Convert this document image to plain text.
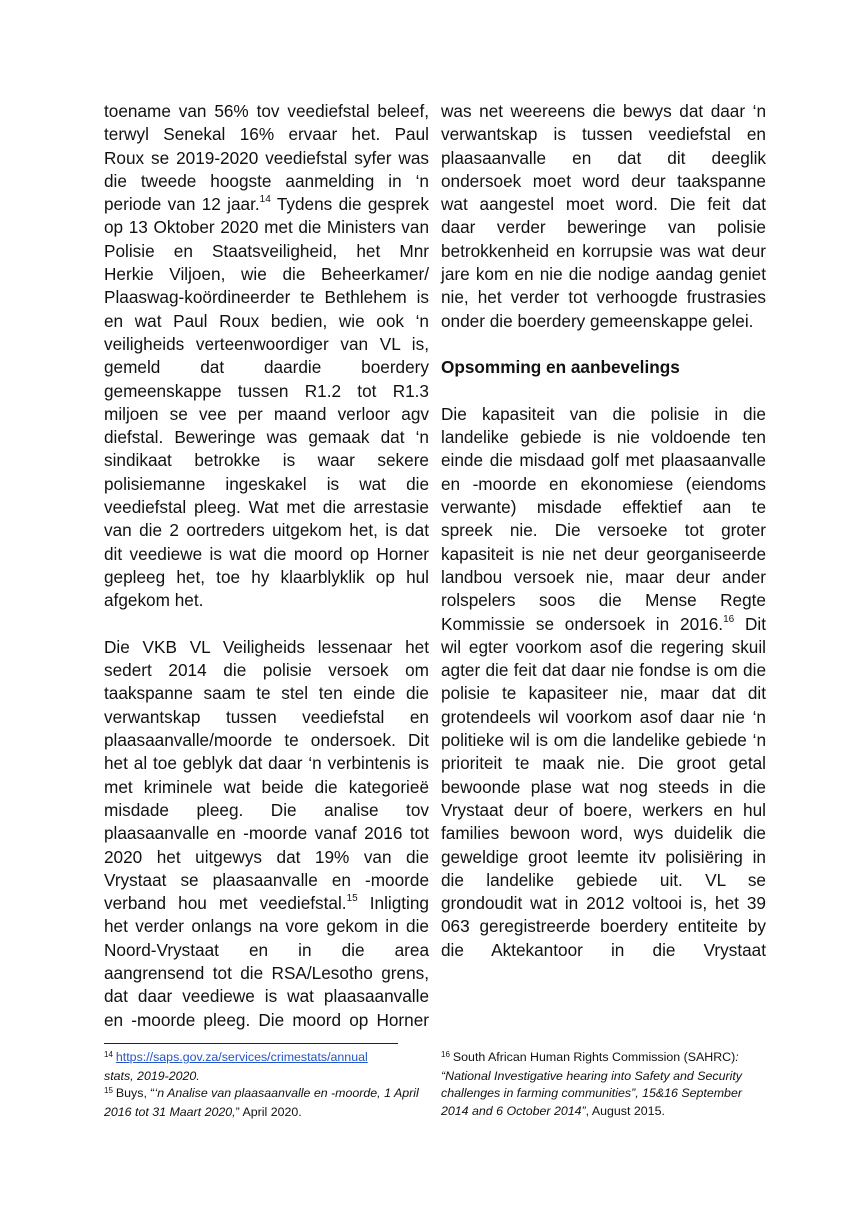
toename van 56% tov veediefstal beleef,
terwyl Senekal 16% ervaar het. Paul
Roux se 2019-2020 veediefstal syfer was
die tweede hoogste aanmelding in ‘n
periode van 12 jaar.$^{14}$ Tydens die gesprek
op 13 Oktober 2020 met die Ministers van
Polisie en Staatsveiligheid, het Mnr
Herkie Viljoen, wie die Beheerkamer/
Plaaswag-koördineerder te Bethlehem is
en wat Paul Roux bedien, wie ook ‘n
veiligheids verteenwoordiger van VL is,
gemeld dat daardie boerdery
gemeenskappe tussen R1.2 tot R1.3
miljoen se vee per maand verloor agv
diefstal. Beweringe was gemaak dat ‘n
sindikaat betrokke is waar sekere
polisiemanne ingeskakel is wat die
veediefstal pleeg. Wat met die arrestasie
van die 2 oortreders uitgekom het, is dat
dit veediewe is wat die moord op Horner
gepleeg het, toe hy klaarblyklik op hul
afgekom het.
Die VKB VL Veiligheids lessenaar het
sedert 2014 die polisie versoek om
taakspanne saam te stel ten einde die
verwantskap tussen veediefstal en
plaasaanvalle/moorde te ondersoek. Dit
het al toe geblyk dat daar ‘n verbintenis is
met kriminele wat beide die kategorieë
misdade pleeg. Die analise tov
plaasaanvalle en -moorde vanaf 2016 tot
2020 het uitgewys dat 19% van die
Vrystaat se plaasaanvalle en -moorde
verband hou met veediefstal.$^{15}$ Inligting
het verder onlangs na vore gekom in die
Noord-Vrystaat en in die area
aangrensend tot die RSA/Lesotho grens,
dat daar veediewe is wat plaasaanvalle
en -moorde pleeg. Die moord op Horner
was net weereens die bewys dat daar ‘n
verwantskap is tussen veediefstal en
plaasaanvalle en dat dit deeglik
ondersoek moet word deur taakspanne
wat aangestel moet word. Die feit dat
daar verder beweringe van polisie
betrokkenheid en korrupsie was wat deur
jare kom en nie die nodige aandag geniet
nie, het verder tot verhoogde frustrasies
onder die boerdery gemeenskappe gelei.
Opsomming en aanbevelings
Die kapasiteit van die polisie in die
landelike gebiede is nie voldoende ten
einde die misdaad golf met plaasaanvalle
en -moorde en ekonomiese (eiendoms
verwante) misdade effektief aan te
spreek nie. Die versoeke tot groter
kapasiteit is nie net deur georganiseerde
landbou versoek nie, maar deur ander
rolspelers soos die Mense Regte
Kommissie se ondersoek in 2016.16 Dit
wil egter voorkom asof die regering skuil
agter die feit dat daar nie fondse is om die
polisie te kapasiteer nie, maar dat dit
grotendeels wil voorkom asof daar nie ‘n
politieke wil is om die landelike gebiede ‘n
prioriteit te maak nie. Die groot getal
bewoonde plase wat nog steeds in die
Vrystaat deur of boere, werkers en hul
families bewoon word, wys duidelik die
geweldige groot leemte itv polisiëring in
die landelike gebiede uit. VL se
grondoudit wat in 2012 voltooi is, het 39
063 geregistreerde boerdery entiteite by
die Aktekantoor in die Vrystaat
$^{14}$ https://saps.gov.za/services/crimestats/annual
stats, 2019-2020.
$^{15}$ Buys, “‘n Analise van plaasaanvalle en -moorde, 1 April 2016 tot 31 Maart 2020,” April 2020.
$^{16}$ South African Human Rights Commission (SAHRC): “National Investigative hearing into Safety and Security challenges in farming communities”, 15&16 September 2014 and 6 October 2014”, August 2015.
